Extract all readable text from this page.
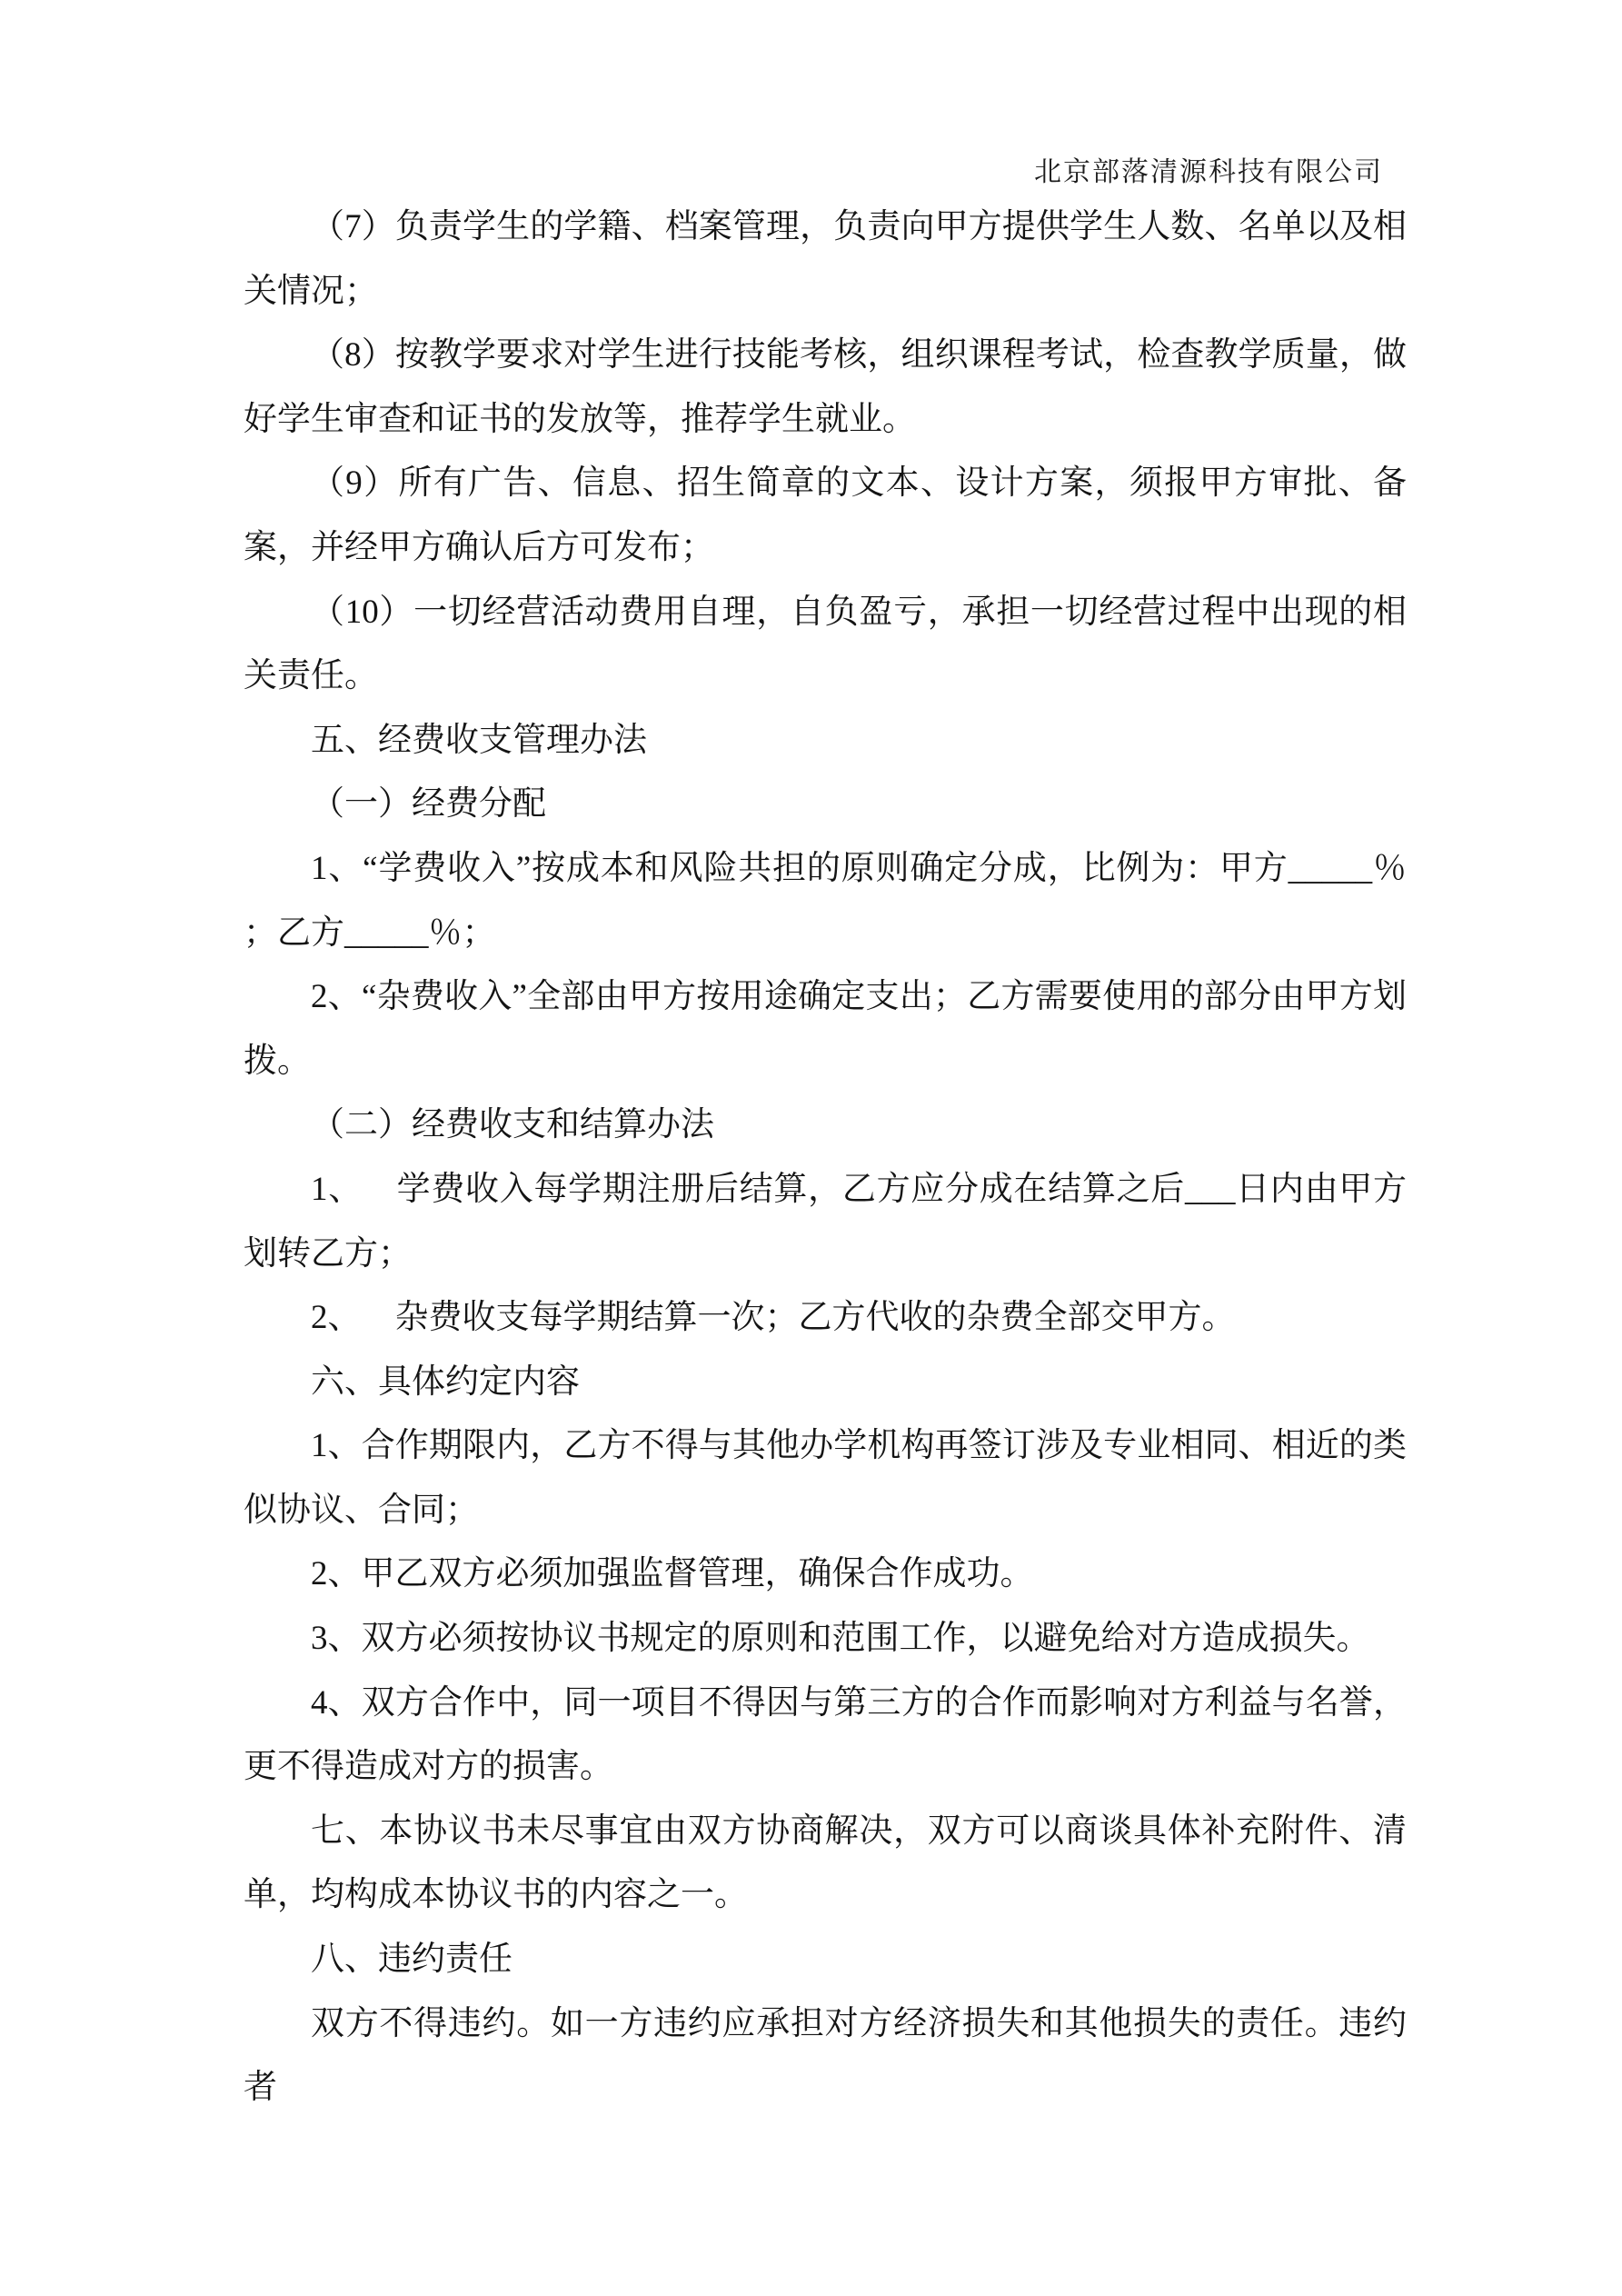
北京部落清源科技有限公司

（7）负责学生的学籍、档案管理，负责向甲方提供学生人数、名单以及相关情况；

（8）按教学要求对学生进行技能考核，组织课程考试，检查教学质量，做好学生审查和证书的发放等，推荐学生就业。

（9）所有广告、信息、招生简章的文本、设计方案，须报甲方审批、备案，并经甲方确认后方可发布；

（10）一切经营活动费用自理，自负盈亏，承担一切经营过程中出现的相关责任。

五、经费收支管理办法

（一）经费分配

1、“学费收入”按成本和风险共担的原则确定分成，比例为：甲方_____％ ；乙方_____％；

2、“杂费收入”全部由甲方按用途确定支出；乙方需要使用的部分由甲方划拨。

（二）经费收支和结算办法

1、　学费收入每学期注册后结算，乙方应分成在结算之后___日内由甲方划转乙方；

2、　杂费收支每学期结算一次；乙方代收的杂费全部交甲方。

六、具体约定内容

1、合作期限内，乙方不得与其他办学机构再签订涉及专业相同、相近的类似协议、合同；

2、甲乙双方必须加强监督管理，确保合作成功。

3、双方必须按协议书规定的原则和范围工作，以避免给对方造成损失。

4、双方合作中，同一项目不得因与第三方的合作而影响对方利益与名誉，更不得造成对方的损害。

七、本协议书未尽事宜由双方协商解决，双方可以商谈具体补充附件、清单，均构成本协议书的内容之一。

八、违约责任

双方不得违约。如一方违约应承担对方经济损失和其他损失的责任。违约者
